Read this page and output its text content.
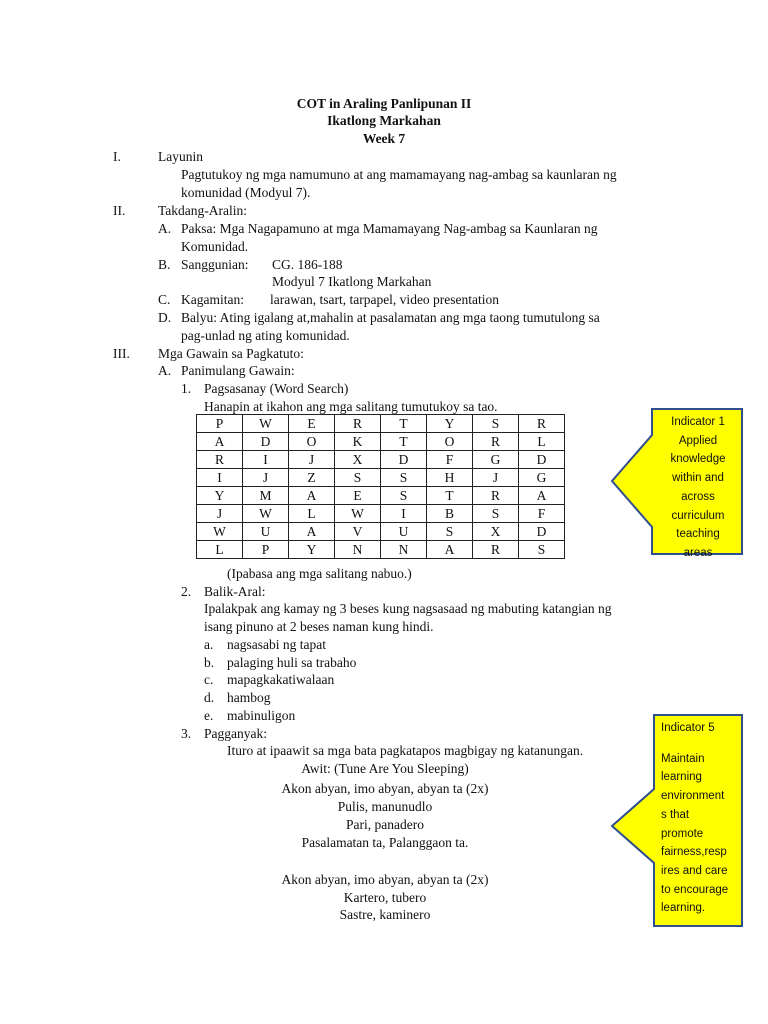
COT in Araling Panlipunan II
Ikatlong Markahan
Week 7
I.	Layunin
Pagtutukoy ng mga namumuno at ang mamamayang nag-ambag sa kaunlaran ng
komunidad (Modyul 7).
II. Takdang-Aralin:
A. Paksa: Mga Nagapamuno at mga Mamamayang Nag-ambag sa Kaunlaran ng
Komunidad.
B. Sanggunian: CG. 186-188
Modyul 7 Ikatlong Markahan
C. Kagamitan: larawan, tsart, tarpapel, video presentation
D. Balyu: Ating igalang at,mahalin at pasalamatan ang mga taong tumutulong sa
pag-unlad ng ating komunidad.
III. Mga Gawain sa Pagkatuto:
A. Panimulang Gawain:
1. Pagsasanay (Word Search)
Hanapin at ikahon ang mga salitang tumutukoy sa tao.
P	W	E	R	T	Y	S	R
A	D	O	K	T	O	R	L
R	I	J	X	D	F	G	D
I	J	Z	S	S	H	J	G
Y	M	A	E	S	T	R	A
J	W	L	W	I	B	S	F
W	U	A	V	U	S	X	D
L	P	Y	N	N	A	R	S
(Ipabasa ang mga salitang nabuo.)
2. Balik-Aral:
Ipalakpak ang kamay ng 3 beses kung nagsasaad ng mabuting katangian ng
isang pinuno at 2 beses naman kung hindi.
a. nagsasabi ng tapat
b. palaging huli sa trabaho
c. mapagkakatiwalaan
d. hambog
e. mabinuligon
3. Pagganyak:
Ituro at ipaawit sa mga bata pagkatapos magbigay ng katanungan.
Awit: (Tune Are You Sleeping)
Akon abyan, imo abyan, abyan ta (2x)
Pulis, manunudlo
Pari, panadero
Pasalamatan ta, Palanggaon ta.
Akon abyan, imo abyan, abyan ta (2x)
Kartero, tubero
Sastre, kaminero
Indicator 1
Applied
knowledge
within and
across
curriculum
teaching
areas
Indicator 5
Maintain
learning
environment
s that
promote
fairness,resp
ires and care
to encourage
learning.
